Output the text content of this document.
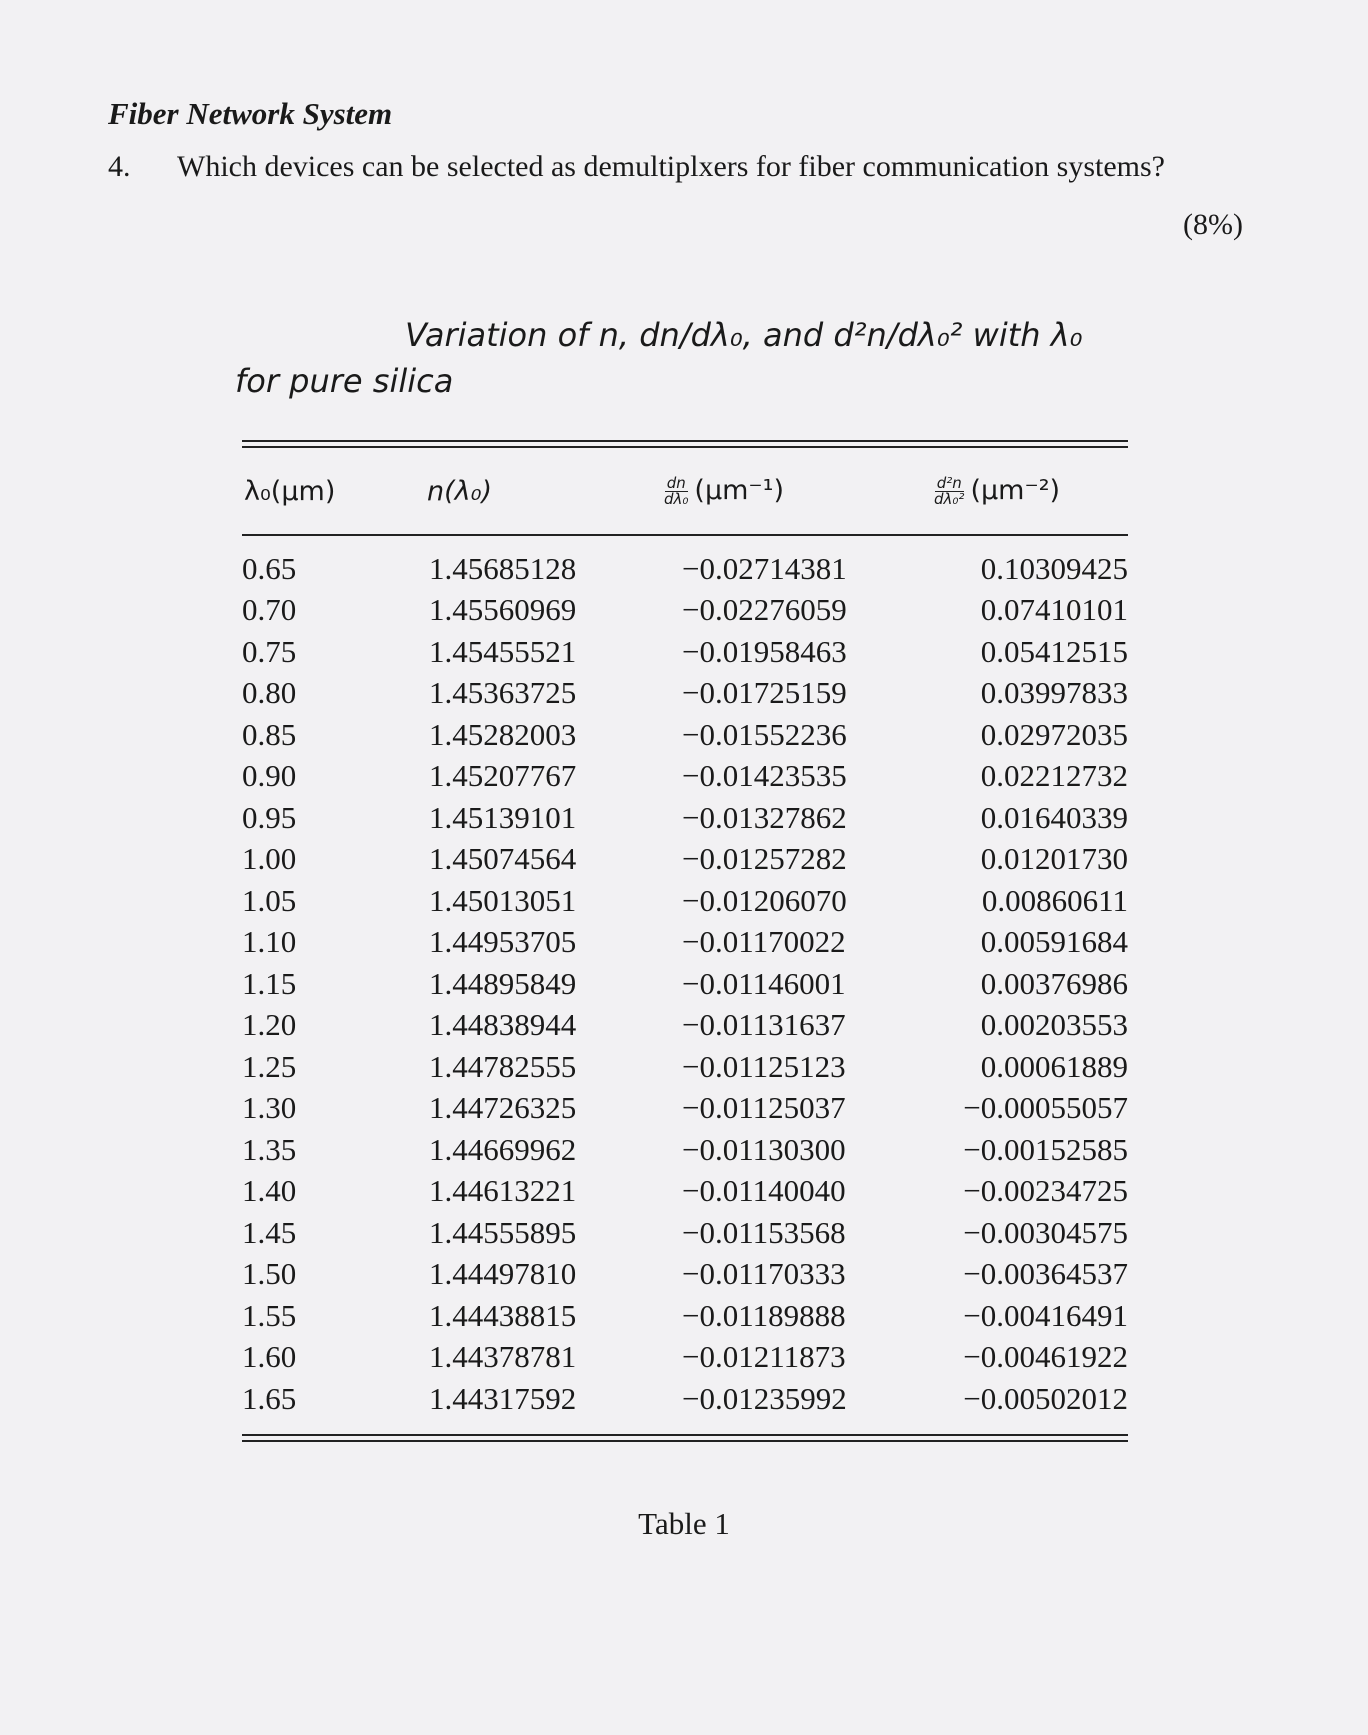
Fiber Network System
4. Which devices can be selected as demultiplxers for fiber communication systems?
(8%)
Variation of n, dn/dλ₀, and d²n/dλ₀² with λ₀
for pure silica
λ₀(μm)	n(λ₀)	$\frac{dn}{\text{dλ₀}} (\mu m^{-1})$	$\frac{\text{d²n}}{\text{dλ₀²}} (\mu m^{-2})$
0.65	1.45685128	−0.02714381	0.10309425
0.70	1.45560969	−0.02276059	0.07410101
0.75	1.45455521	−0.01958463	0.05412515
0.80	1.45363725	−0.01725159	0.03997833
0.85	1.45282003	−0.01552236	0.02972035
0.90	1.45207767	−0.01423535	0.02212732
0.95	1.45139101	−0.01327862	0.01640339
1.00	1.45074564	−0.01257282	0.01201730
1.05	1.45013051	−0.01206070	0.00860611
1.10	1.44953705	−0.01170022	0.00591684
1.15	1.44895849	−0.01146001	0.00376986
1.20	1.44838944	−0.01131637	0.00203553
1.25	1.44782555	−0.01125123	0.00061889
1.30	1.44726325	−0.01125037	−0.00055057
1.35	1.44669962	−0.01130300	−0.00152585
1.40	1.44613221	−0.01140040	−0.00234725
1.45	1.44555895	−0.01153568	−0.00304575
1.50	1.44497810	−0.01170333	−0.00364537
1.55	1.44438815	−0.01189888	−0.00416491
1.60	1.44378781	−0.01211873	−0.00461922
1.65	1.44317592	−0.01235992	−0.00502012
Table 1
